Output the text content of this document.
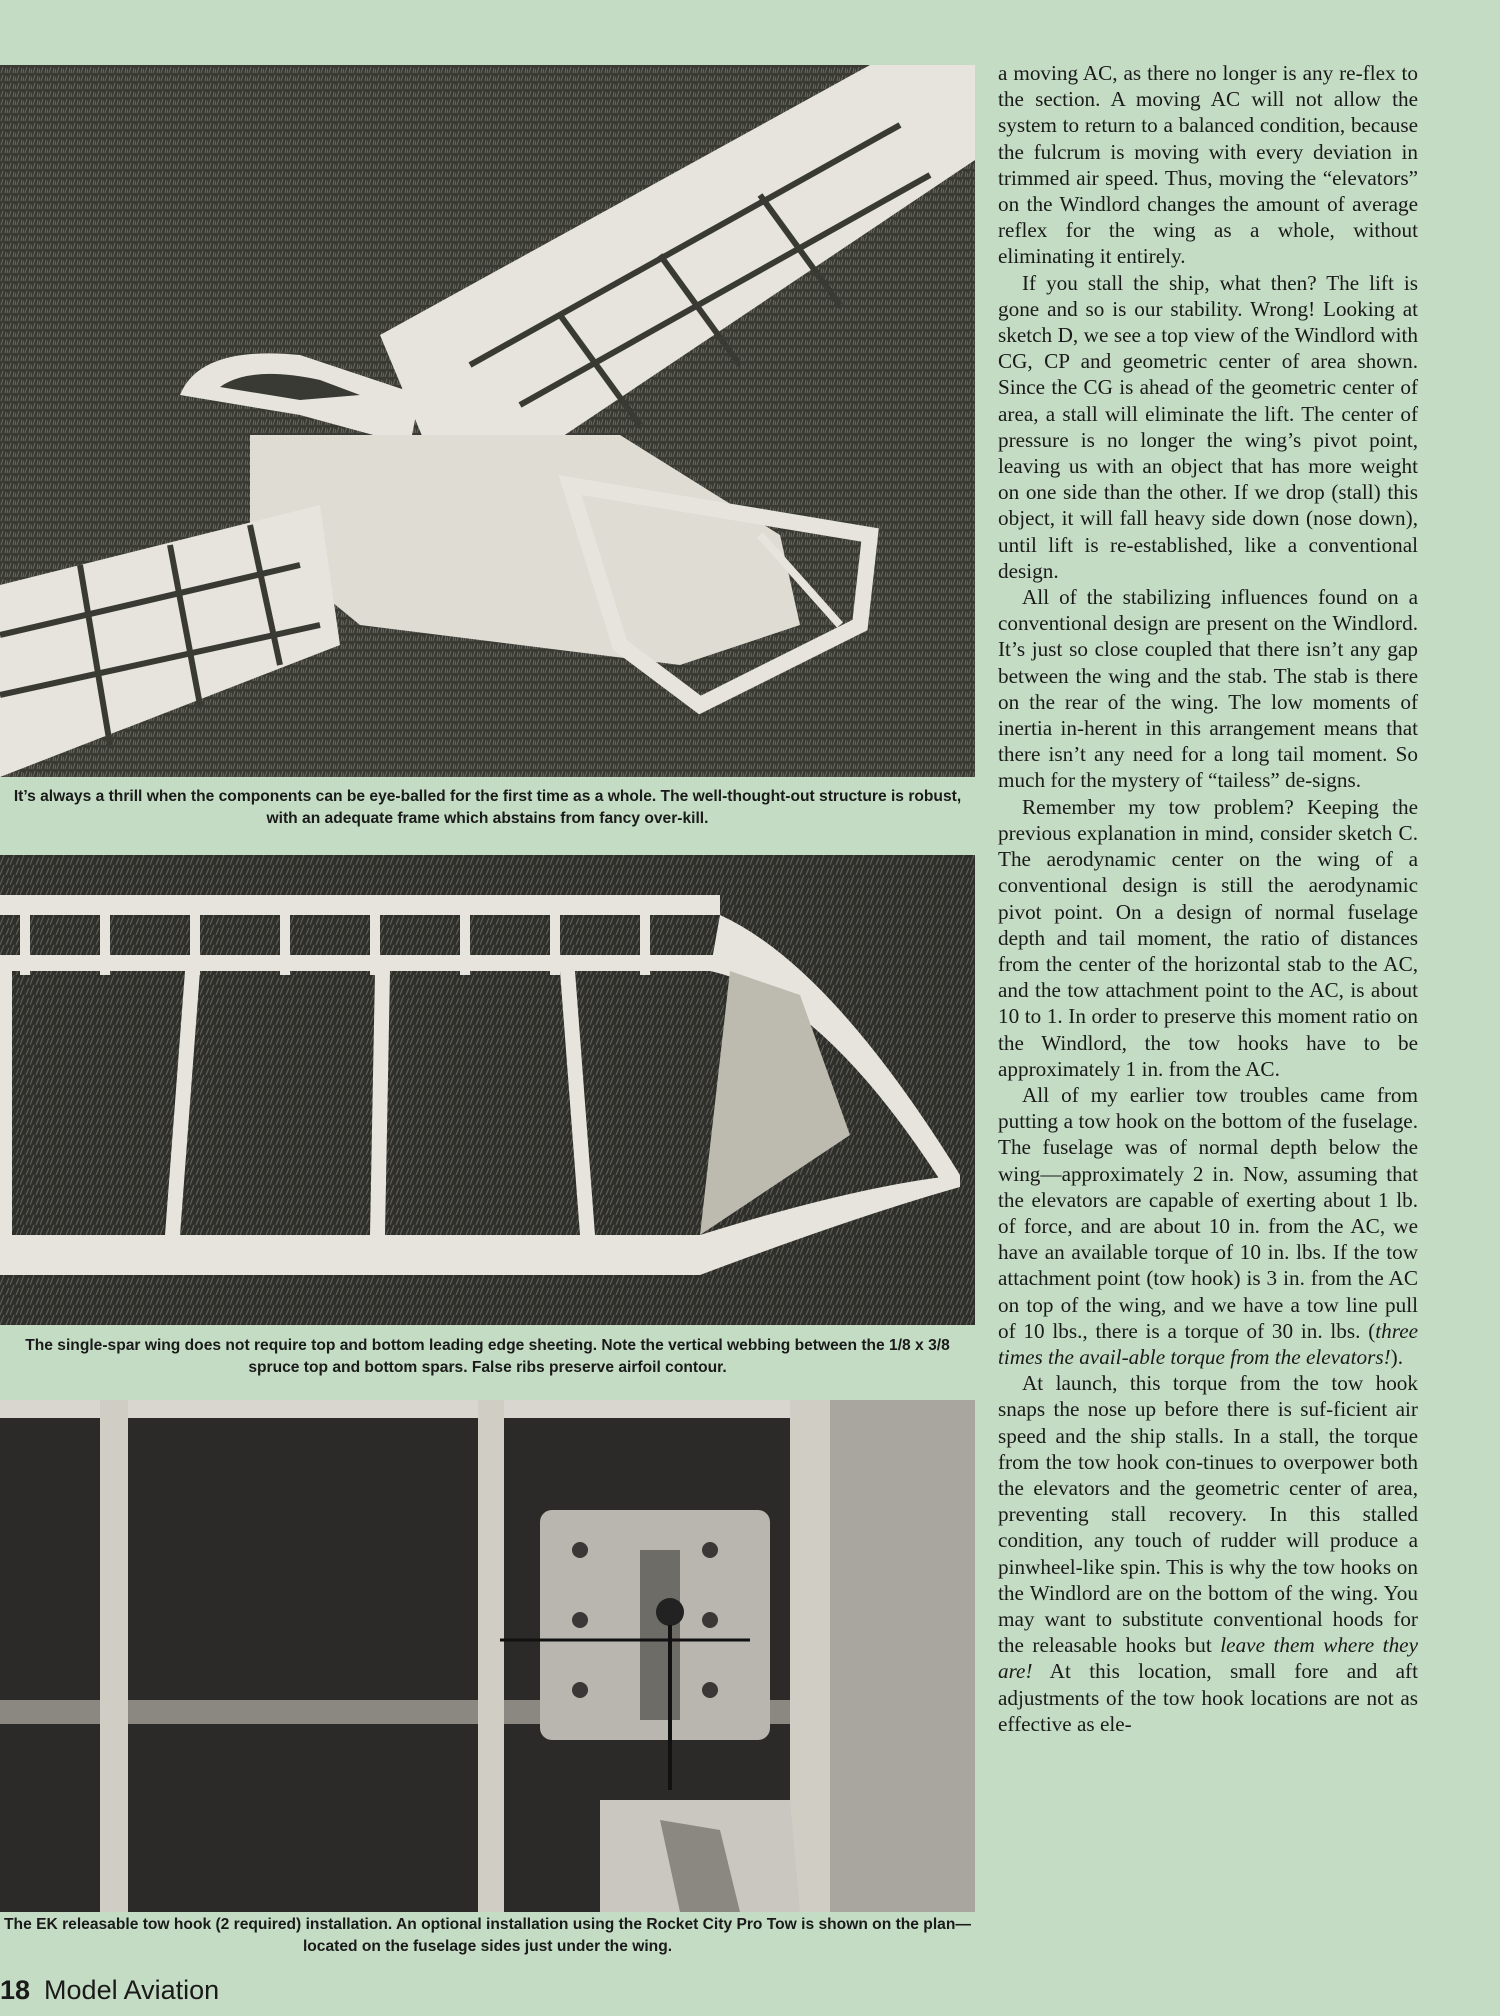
It’s always a thrill when the components can be eye-balled for the first time as a whole. The well-thought-out structure is robust, with an adequate frame which abstains from fancy over-kill.

The single-spar wing does not require top and bottom leading edge sheeting. Note the vertical webbing between the 1/8 x 3/8 spruce top and bottom spars. False ribs preserve airfoil contour.

The EK releasable tow hook (2 required) installation. An optional installation using the Rocket City Pro Tow is shown on the plan—located on the fuselage sides just under the wing.

a moving AC, as there no longer is any re-flex to the section. A moving AC will not allow the system to return to a balanced condition, because the fulcrum is moving with every deviation in trimmed air speed. Thus, moving the “elevators” on the Windlord changes the amount of average reflex for the wing as a whole, without eliminating it entirely.

If you stall the ship, what then? The lift is gone and so is our stability. Wrong! Looking at sketch D, we see a top view of the Windlord with CG, CP and geometric center of area shown. Since the CG is ahead of the geometric center of area, a stall will eliminate the lift. The center of pressure is no longer the wing’s pivot point, leaving us with an object that has more weight on one side than the other. If we drop (stall) this object, it will fall heavy side down (nose down), until lift is re-established, like a conventional design.

All of the stabilizing influences found on a conventional design are present on the Windlord. It’s just so close coupled that there isn’t any gap between the wing and the stab. The stab is there on the rear of the wing. The low moments of inertia in-herent in this arrangement means that there isn’t any need for a long tail moment. So much for the mystery of “tailess” de-signs.

Remember my tow problem? Keeping the previous explanation in mind, consider sketch C. The aerodynamic center on the wing of a conventional design is still the aerodynamic pivot point. On a design of normal fuselage depth and tail moment, the ratio of distances from the center of the horizontal stab to the AC, and the tow attachment point to the AC, is about 10 to 1. In order to preserve this moment ratio on the Windlord, the tow hooks have to be approximately 1 in. from the AC.

All of my earlier tow troubles came from putting a tow hook on the bottom of the fuselage. The fuselage was of normal depth below the wing—approximately 2 in. Now, assuming that the elevators are capable of exerting about 1 lb. of force, and are about 10 in. from the AC, we have an available torque of 10 in. lbs. If the tow attachment point (tow hook) is 3 in. from the AC on top of the wing, and we have a tow line pull of 10 lbs., there is a torque of 30 in. lbs. (three times the avail-able torque from the elevators!).

At launch, this torque from the tow hook snaps the nose up before there is suf-ficient air speed and the ship stalls. In a stall, the torque from the tow hook con-tinues to overpower both the elevators and the geometric center of area, preventing stall recovery. In this stalled condition, any touch of rudder will produce a pinwheel-like spin. This is why the tow hooks on the Windlord are on the bottom of the wing. You may want to substitute conventional hoods for the releasable hooks but leave them where they are! At this location, small fore and aft adjustments of the tow hook locations are not as effective as ele-

18 Model Aviation
